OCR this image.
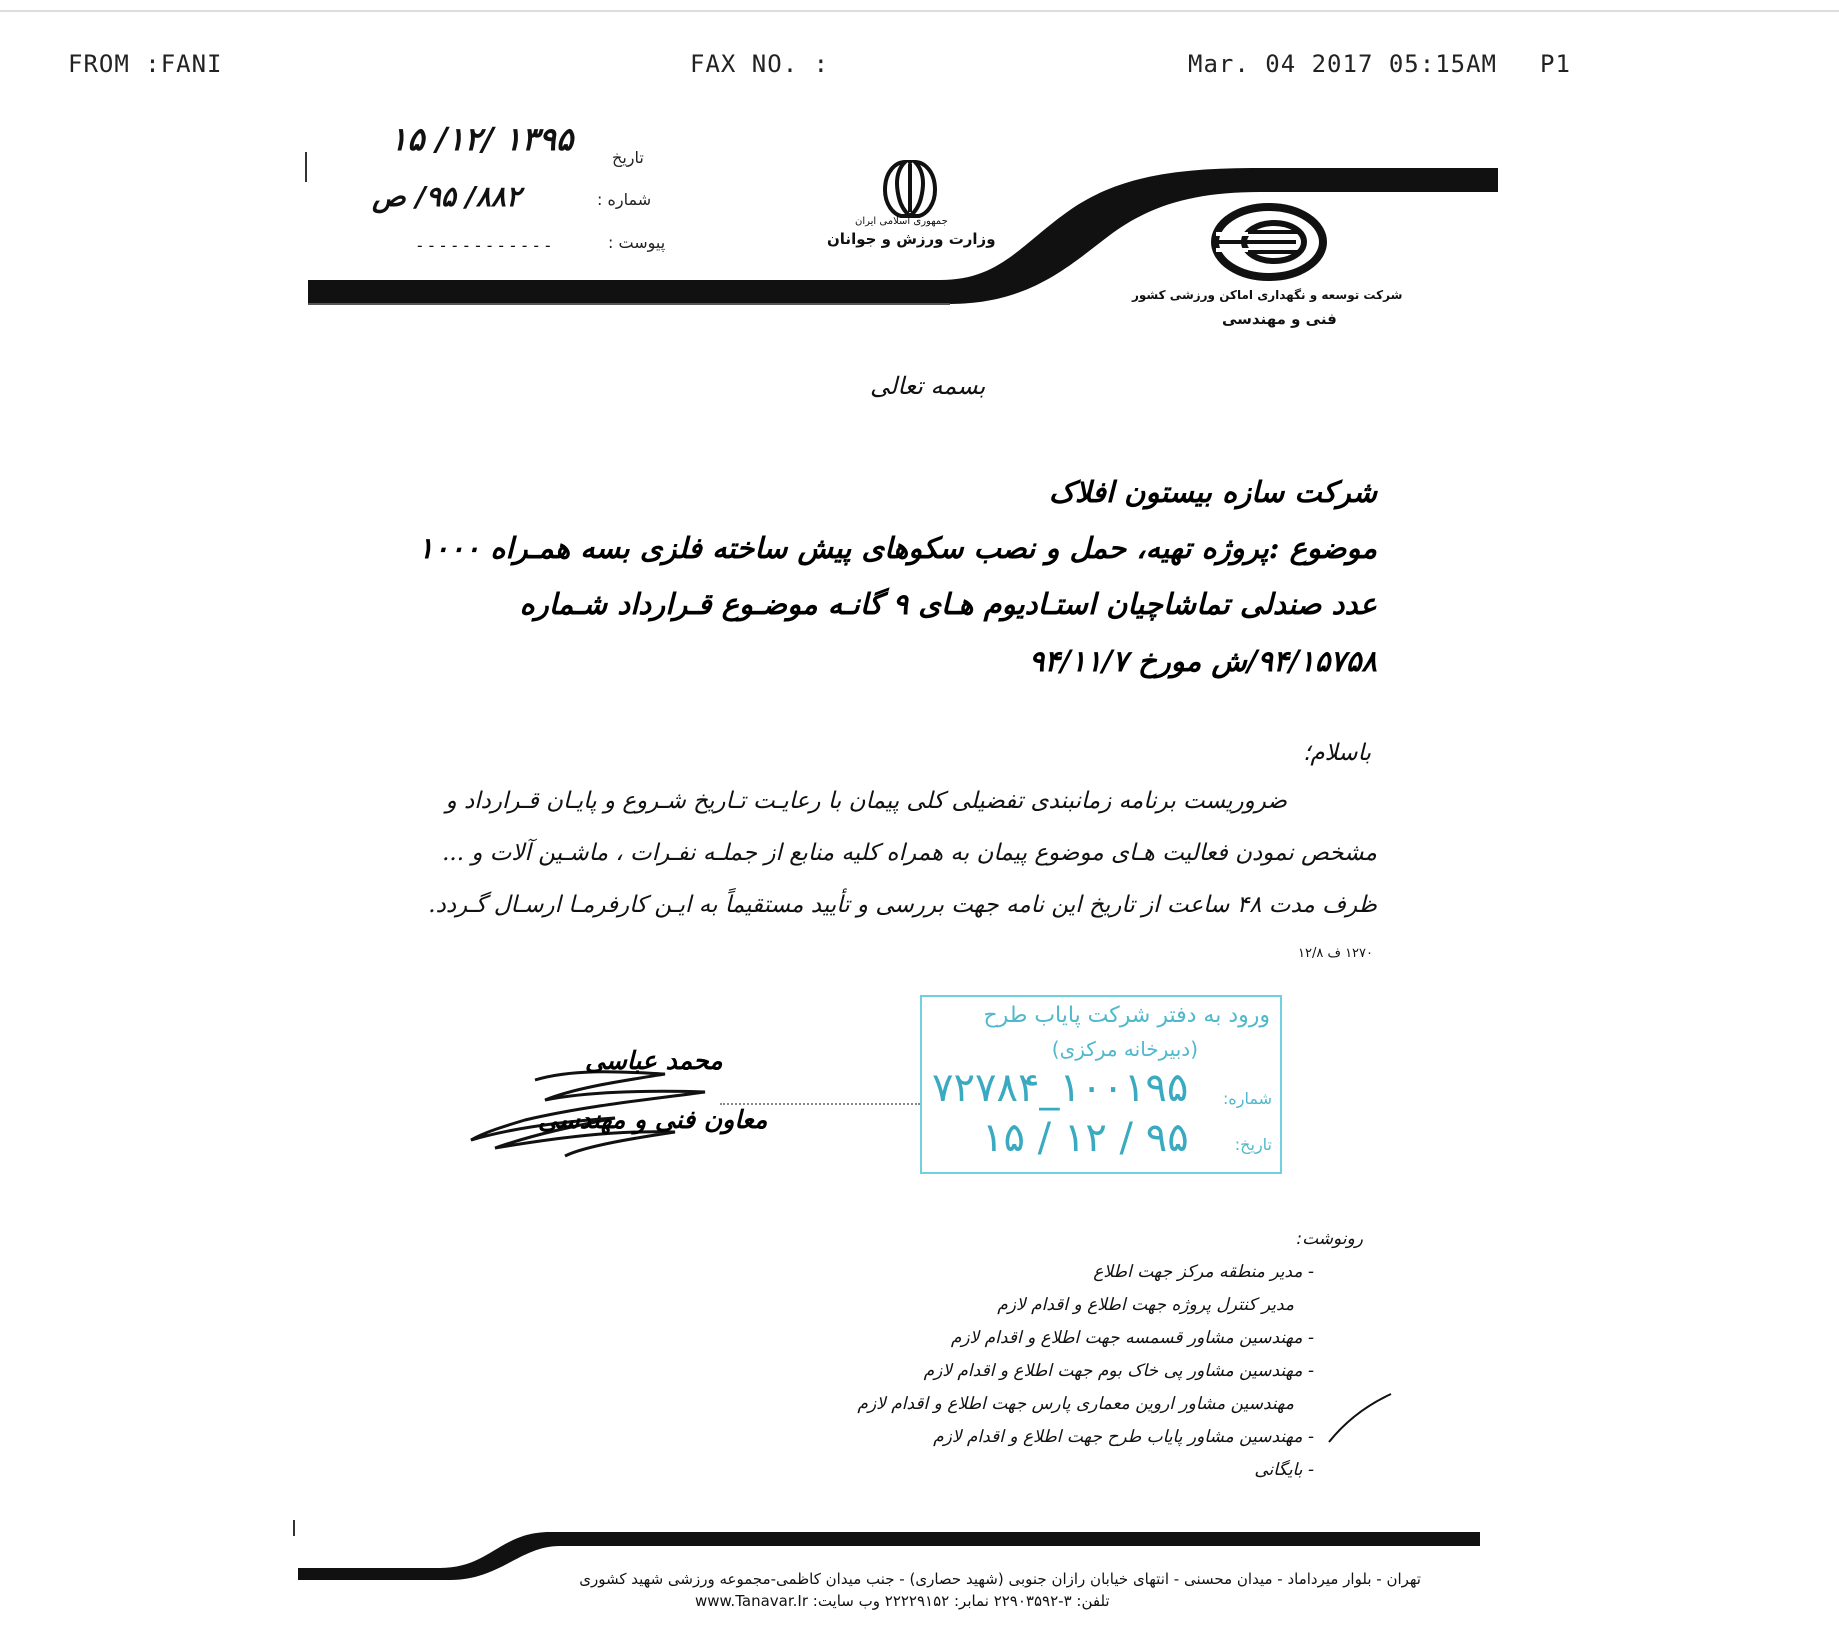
FROM :FANI	FAX NO. :	Mar. 04 2017 05:15AM P1
۱۳۹۵ /۱۲/ ۱۵ تاریخ
۸۸۲/ ۹۵/ ص	شماره :
------------	پیوست :
جمهوری اسلامی ایران
وزارت ورزش و جوانان
شرکت توسعه و نگهداری اماکن ورزشی کشور
فنی و مهندسی
بسمه تعالی
شرکت سازه بیستون افلاک
موضوع :پروژه تهیه، حمل و نصب سکوهای پیش ساخته فلزی بسه همـراه ۱۰۰۰
عدد صندلی تماشاچیان استـادیوم هـای ۹ گانـه موضـوع قـرارداد شـماره
۹۴/۱۵۷۵۸/ش مورخ ۹۴/۱۱/۷
باسلام؛
ضروریست برنامه زمانبندی تفضیلی کلی پیمان با رعایـت تـاریخ شـروع و پایـان قـرارداد و
مشخص نمودن فعالیت هـای موضوع پیمان به همراه کلیه منابع از جملـه نفـرات ، ماشـین آلات و ...
ظرف مدت ۴۸ ساعت از تاریخ این نامه جهت بررسی و تأیید مستقیماً به ایـن کارفرمـا ارسـال گـردد.
۱۲۷۰ ف ۱۲/۸
ورود به دفتر شرکت پایاب طرح
(دبیرخانه مرکزی)
شماره:
۱۰۰۱۹۵_۷۲۷۸۴
تاریخ:
۹۵ / ۱۲ / ۱۵
محمد عباسی
معاون فنی و مهندسی
رونوشت:
- مدیر منطقه مرکز جهت اطلاع
مدیر کنترل پروژه جهت اطلاع و اقدام لازم
- مهندسین مشاور قسمسه جهت اطلاع و اقدام لازم
- مهندسین مشاور پی خاک بوم جهت اطلاع و اقدام لازم
مهندسین مشاور اروین معماری پارس جهت اطلاع و اقدام لازم
- مهندسین مشاور پایاب طرح جهت اطلاع و اقدام لازم
- بایگانی
تهران - بلوار میرداماد - میدان محسنی - انتهای خیابان رازان جنوبی (شهید حصاری) - جنب میدان کاظمی-مجموعه ورزشی شهید کشوری
تلفن: ۳-۲۲۹۰۳۵۹۲ نمابر: ۲۲۲۲۹۱۵۲ وب سایت: www.Tanavar.Ir
